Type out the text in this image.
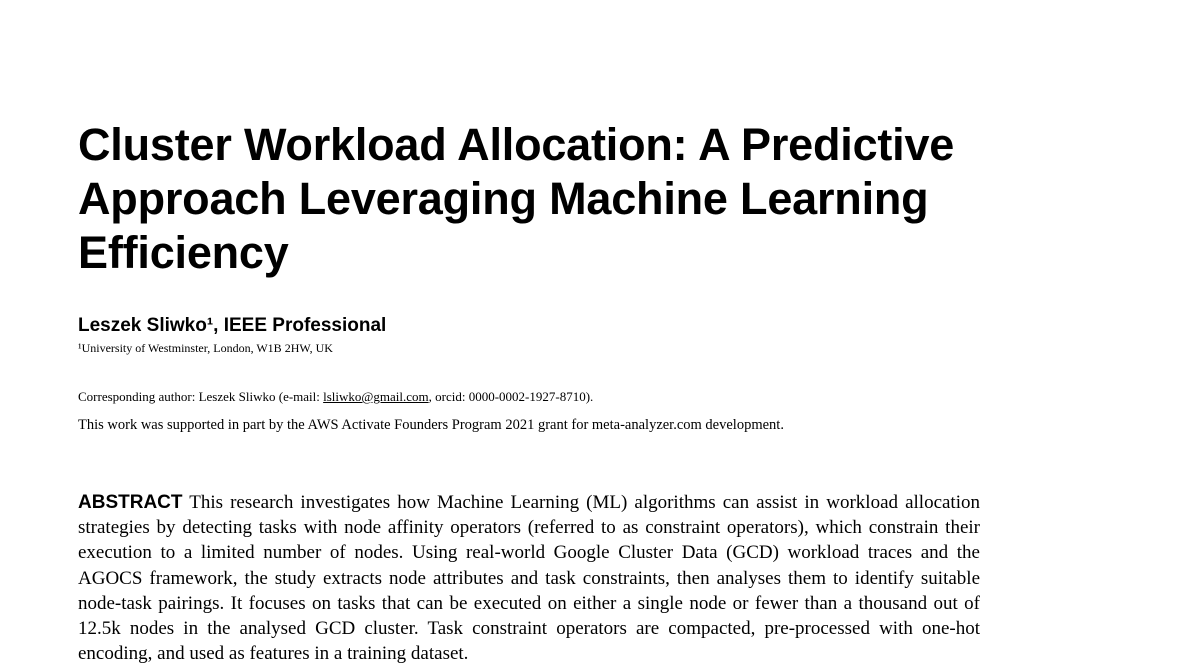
Cluster Workload Allocation: A Predictive
Approach Leveraging Machine Learning
Efficiency
Leszek Sliwko¹, IEEE Professional
¹University of Westminster, London, W1B 2HW, UK
Corresponding author: Leszek Sliwko (e-mail: lsliwko@gmail.com, orcid: 0000-0002-1927-8710).
This work was supported in part by the AWS Activate Founders Program 2021 grant for meta-analyzer.com development.

ABSTRACT This research investigates how Machine Learning (ML) algorithms can assist in workload allocation strategies by detecting tasks with node affinity operators (referred to as constraint operators), which constrain their execution to a limited number of nodes. Using real-world Google Cluster Data (GCD) workload traces and the AGOCS framework, the study extracts node attributes and task constraints, then analyses them to identify suitable node-task pairings. It focuses on tasks that can be executed on either a single node or fewer than a thousand out of 12.5k nodes in the analysed GCD cluster. Task constraint operators are compacted, pre-processed with one-hot encoding, and used as features in a training dataset.
